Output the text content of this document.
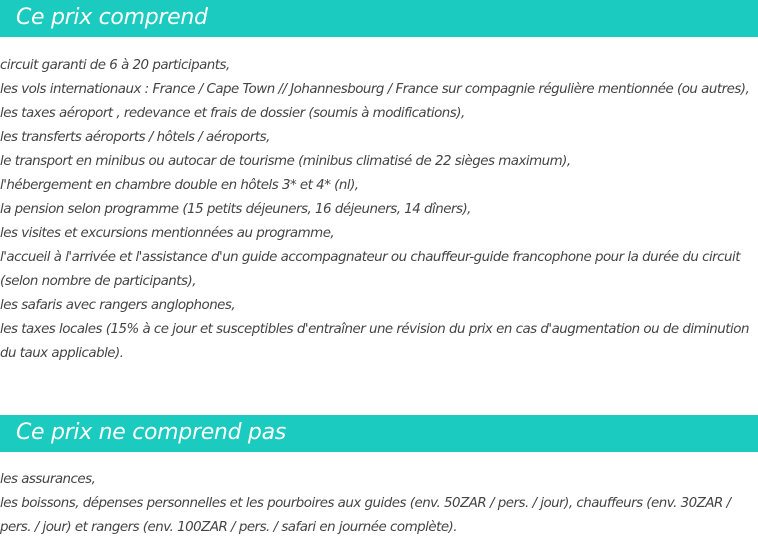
Ce prix comprend
circuit garanti de 6 à 20 participants,
les vols internationaux : France / Cape Town // Johannesbourg / France sur compagnie régulière mentionnée (ou autres),
les taxes aéroport , redevance et frais de dossier (soumis à modifications),
les transferts aéroports / hôtels / aéroports,
le transport en minibus ou autocar de tourisme (minibus climatisé de 22 sièges maximum),
l'hébergement en chambre double en hôtels 3* et 4* (nl),
la pension selon programme (15 petits déjeuners, 16 déjeuners, 14 dîners),
les visites et excursions mentionnées au programme,
l'accueil à l'arrivée et l'assistance d'un guide accompagnateur ou chauffeur-guide francophone pour la durée du circuit
(selon nombre de participants),
les safaris avec rangers anglophones,
les taxes locales (15% à ce jour et susceptibles d'entraîner une révision du prix en cas d'augmentation ou de diminution
du taux applicable).
Ce prix ne comprend pas
les assurances,
les boissons, dépenses personnelles et les pourboires aux guides (env. 50ZAR / pers. / jour), chauffeurs (env. 30ZAR /
pers. / jour) et rangers (env. 100ZAR / pers. / safari en journée complète).
